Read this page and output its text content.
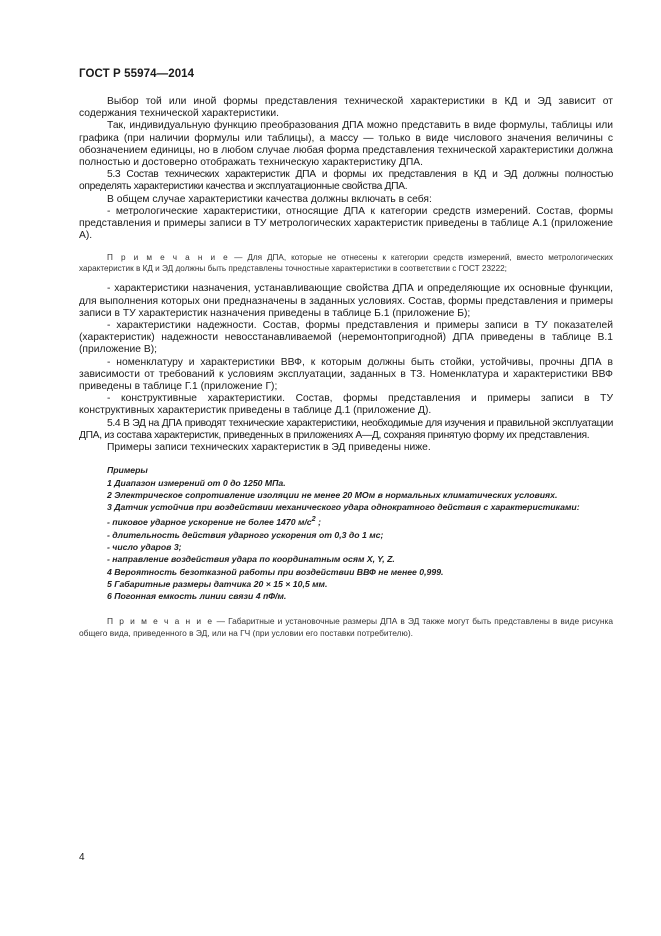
ГОСТ Р 55974—2014

Выбор той или иной формы представления технической характеристики в КД и ЭД зависит от содержания технической характеристики.

Так, индивидуальную функцию преобразования ДПА можно представить в виде формулы, таблицы или графика (при наличии формулы или таблицы), а массу — только в виде числового значения величины с обозначением единицы, но в любом случае любая форма представления технической характеристики должна полностью и достоверно отображать техническую характеристику ДПА.

5.3 Состав технических характеристик ДПА и формы их представления в КД и ЭД должны полностью определять характеристики качества и эксплуатационные свойства ДПА.

В общем случае характеристики качества должны включать в себя:

- метрологические характеристики, относящие ДПА к категории средств измерений. Состав, формы представления и примеры записи в ТУ метрологических характеристик приведены в таблице А.1 (приложение А).

П р и м е ч а н и е — Для ДПА, которые не отнесены к категории средств измерений, вместо метрологических характеристик в КД и ЭД должны быть представлены точностные характеристики в соответствии с ГОСТ 23222;

- характеристики назначения, устанавливающие свойства ДПА и определяющие их основные функции, для выполнения которых они предназначены в заданных условиях. Состав, формы представления и примеры записи в ТУ характеристик назначения приведены в таблице Б.1 (приложение Б);

- характеристики надежности. Состав, формы представления и примеры записи в ТУ показателей (характеристик) надежности невосстанавливаемой (неремонтопригодной) ДПА приведены в таблице В.1 (приложение В);

- номенклатуру и характеристики ВВФ, к которым должны быть стойки, устойчивы, прочны ДПА в зависимости от требований к условиям эксплуатации, заданных в ТЗ. Номенклатура и характеристики ВВФ приведены в таблице Г.1 (приложение Г);

- конструктивные характеристики. Состав, формы представления и примеры записи в ТУ конструктивных характеристик приведены в таблице Д.1 (приложение Д).

5.4 В ЭД на ДПА приводят технические характеристики, необходимые для изучения и правильной эксплуатации ДПА, из состава характеристик, приведенных в приложениях А—Д, сохраняя принятую форму их представления.

Примеры записи технических характеристик в ЭД приведены ниже.

Примеры
1 Диапазон измерений от 0 до 1250 МПа.
2 Электрическое сопротивление изоляции не менее 20 МОм в нормальных климатических условиях.
3 Датчик устойчив при воздействии механического удара однократного действия с характеристиками:
- пиковое ударное ускорение не более 1470 $м/с^2$ ;
- длительность действия ударного ускорения от 0,3 до 1 мс;
- число ударов 3;
- направление воздействия удара по координатным осям X, Y, Z.
4 Вероятность безотказной работы при воздействии ВВФ не менее 0,999.
5 Габаритные размеры датчика 20 × 15 × 10,5 мм.
6 Погонная емкость линии связи 4 пФ/м.

П р и м е ч а н и е — Габаритные и установочные размеры ДПА в ЭД также могут быть представлены в виде рисунка общего вида, приведенного в ЭД, или на ГЧ (при условии его поставки потребителю).

4
